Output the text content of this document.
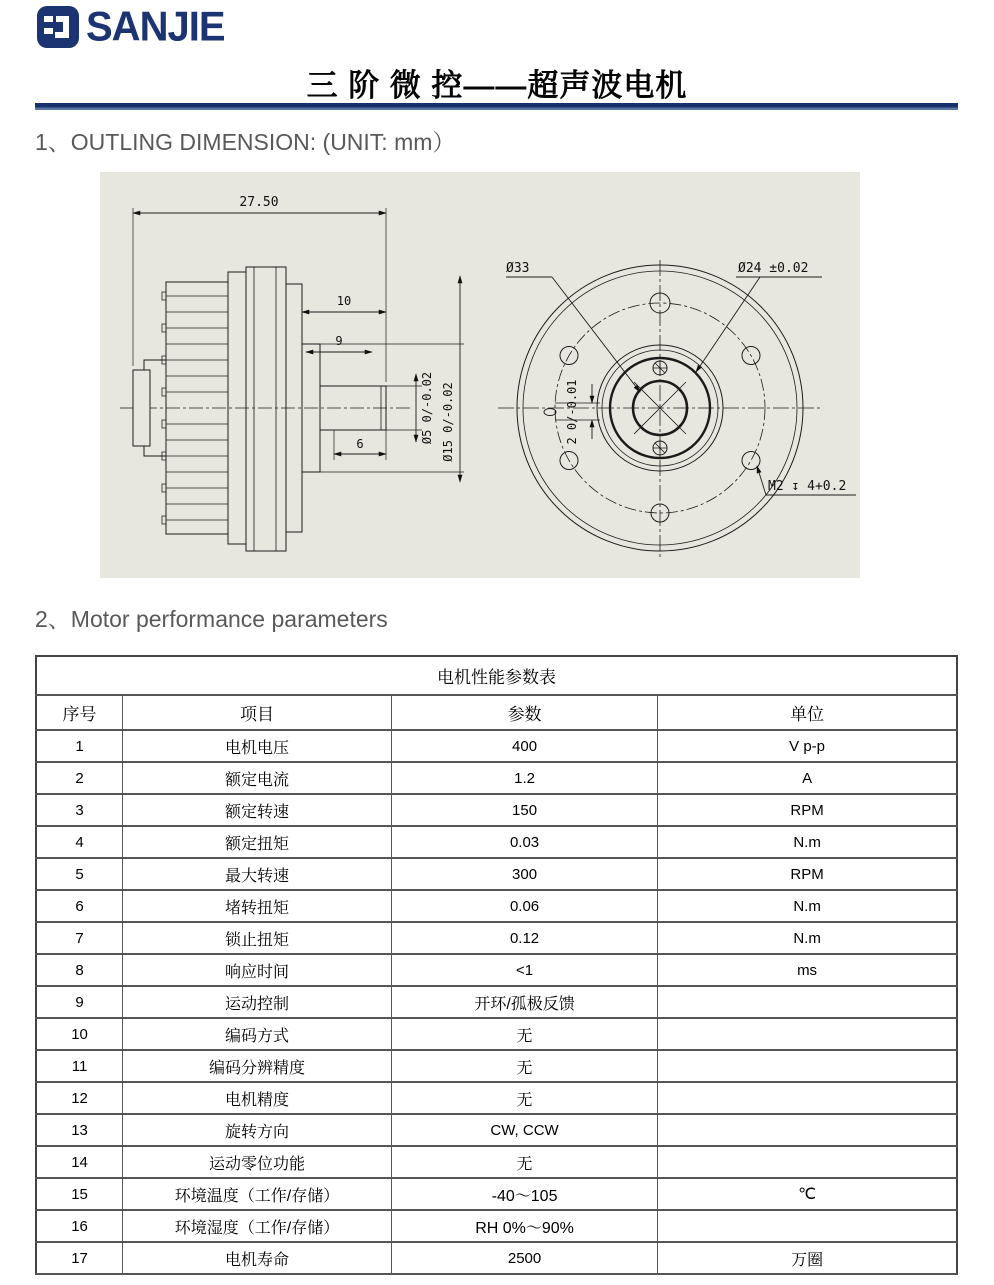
SANJIE
三 阶 微 控——超声波电机
1、OUTLING DIMENSION: (UNIT: mm）
27.50
10
9
6	Ø5 0/-0.02 Ø15 0/-0.02	2 0/-0.01
Ø33	Ø24 ±0.02
M2 ↧ 4+0.2
2、Motor performance parameters
电机性能参数表			
序号	项目	参数	单位
1	电机电压	400	V p-p
2	额定电流	1.2	A
3	额定转速	150	RPM
4	额定扭矩	0.03	N.m
5	最大转速	300	RPM
6	堵转扭矩	0.06	N.m
7	锁止扭矩	0.12	N.m
8	响应时间	<1	ms
9	运动控制	开环/孤极反馈	
10	编码方式	无	
11	编码分辨精度	无	
12	电机精度	无	
13	旋转方向	CW, CCW	
14	运动零位功能	无	
15	环境温度（工作/存储）	-40～105	℃
16	环境湿度（工作/存储）	RH 0%～90%	
17	电机寿命	2500	万圈
